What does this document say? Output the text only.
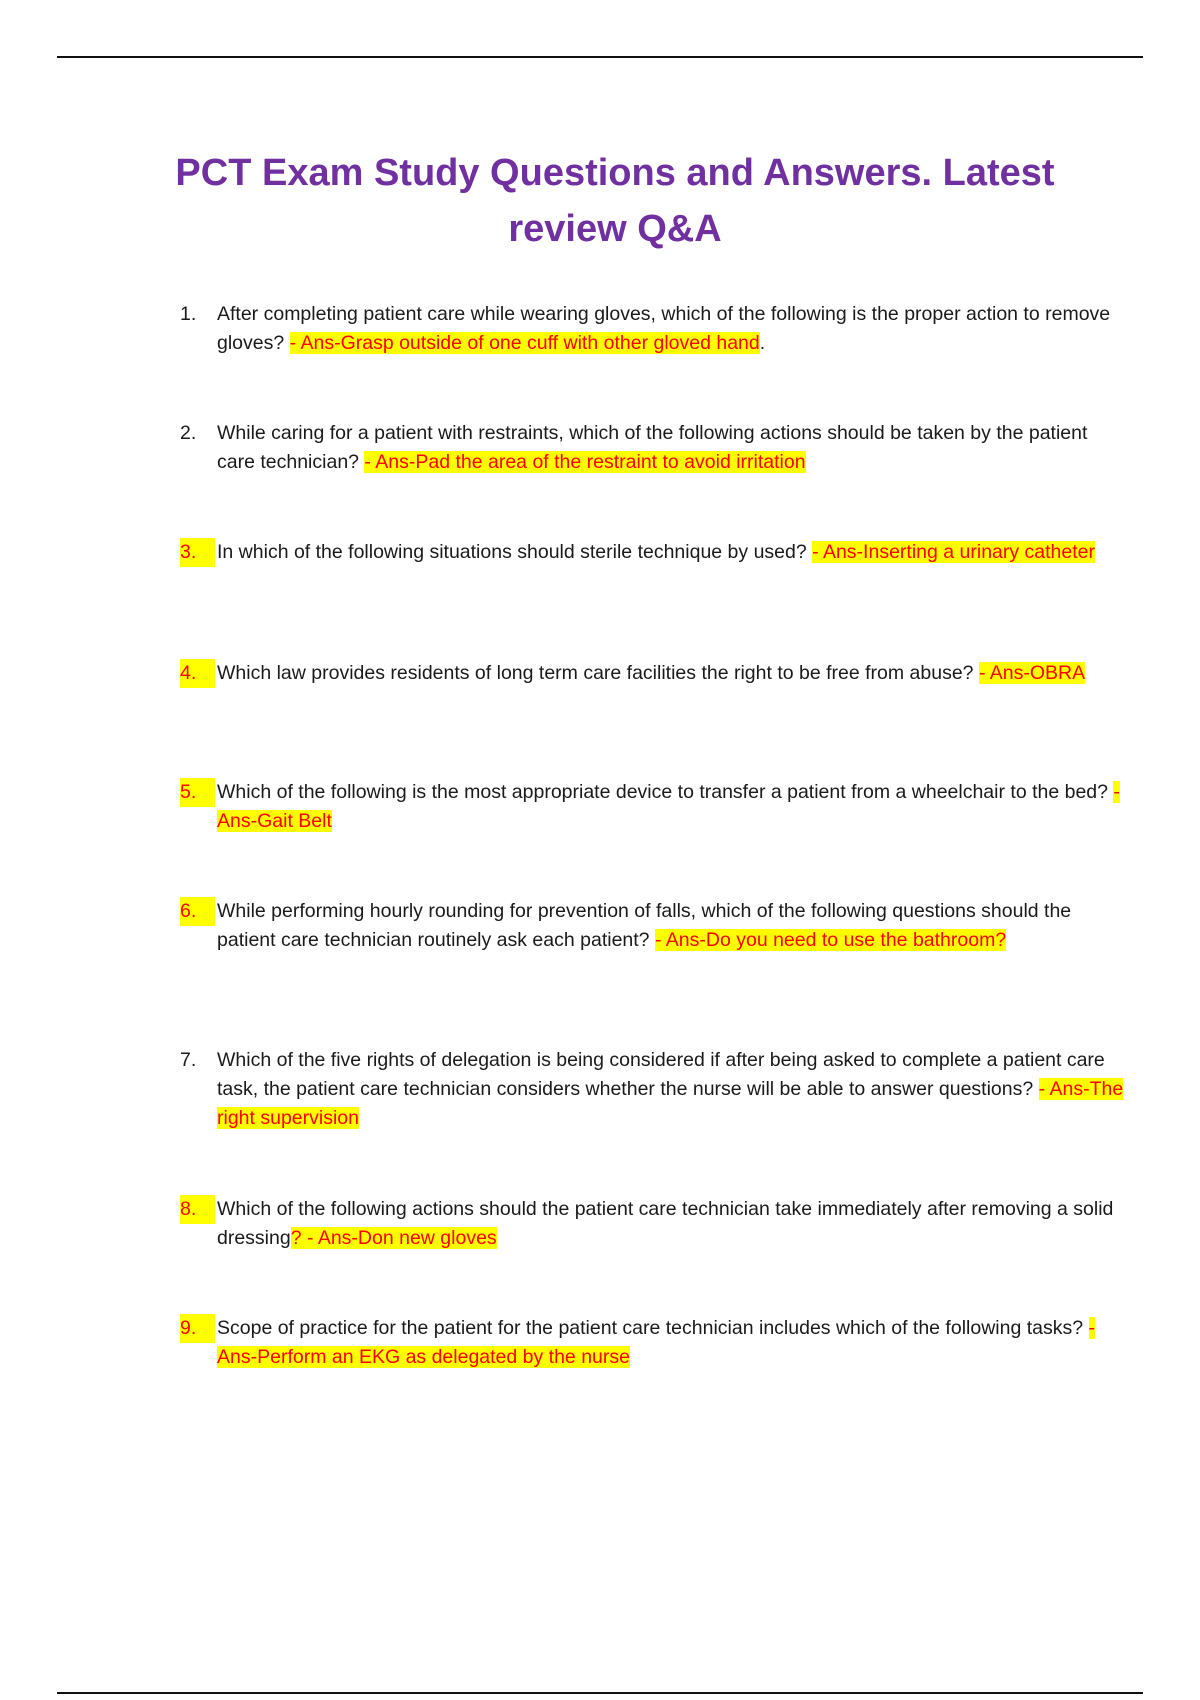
PCT Exam Study Questions and Answers. Latest review Q&A
1.	After completing patient care while wearing gloves, which of the following is the proper action to remove gloves? - Ans-Grasp outside of one cuff with other gloved hand.
2.	While caring for a patient with restraints, which of the following actions should be taken by the patient care technician? - Ans-Pad the area of the restraint to avoid irritation
3.	In which of the following situations should sterile technique by used? - Ans-Inserting a urinary catheter
4.	Which law provides residents of long term care facilities the right to be free from abuse? - Ans-OBRA
5.	Which of the following is the most appropriate device to transfer a patient from a wheelchair to the bed? - Ans-Gait Belt
6.	While performing hourly rounding for prevention of falls, which of the following questions should the patient care technician routinely ask each patient? - Ans-Do you need to use the bathroom?
7.	Which of the five rights of delegation is being considered if after being asked to complete a patient care task, the patient care technician considers whether the nurse will be able to answer questions? - Ans-The right supervision
8.	Which of the following actions should the patient care technician take immediately after removing a solid dressing? - Ans-Don new gloves
9.	Scope of practice for the patient for the patient care technician includes which of the following tasks? - Ans-Perform an EKG as delegated by the nurse
